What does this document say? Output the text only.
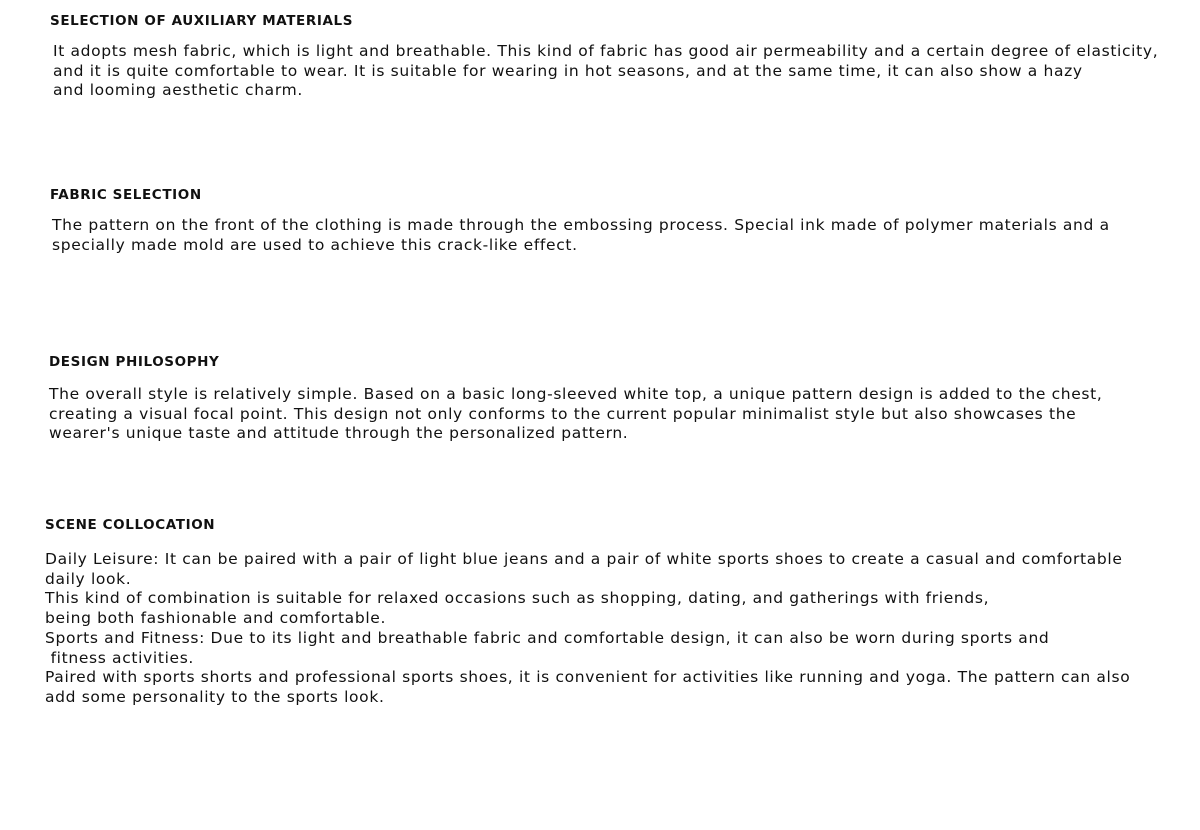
SELECTION OF AUXILIARY MATERIALS

It adopts mesh fabric, which is light and breathable. This kind of fabric has good air permeability and a certain degree of elasticity,
and it is quite comfortable to wear. It is suitable for wearing in hot seasons, and at the same time, it can also show a hazy
and looming aesthetic charm.

FABRIC SELECTION

The pattern on the front of the clothing is made through the embossing process. Special ink made of polymer materials and a
specially made mold are used to achieve this crack-like effect.

DESIGN PHILOSOPHY

The overall style is relatively simple. Based on a basic long-sleeved white top, a unique pattern design is added to the chest,
creating a visual focal point. This design not only conforms to the current popular minimalist style but also showcases the
wearer's unique taste and attitude through the personalized pattern.

SCENE COLLOCATION

Daily Leisure: It can be paired with a pair of light blue jeans and a pair of white sports shoes to create a casual and comfortable
daily look.
This kind of combination is suitable for relaxed occasions such as shopping, dating, and gatherings with friends,
being both fashionable and comfortable.
Sports and Fitness: Due to its light and breathable fabric and comfortable design, it can also be worn during sports and
fitness activities.
Paired with sports shorts and professional sports shoes, it is convenient for activities like running and yoga. The pattern can also
add some personality to the sports look.
